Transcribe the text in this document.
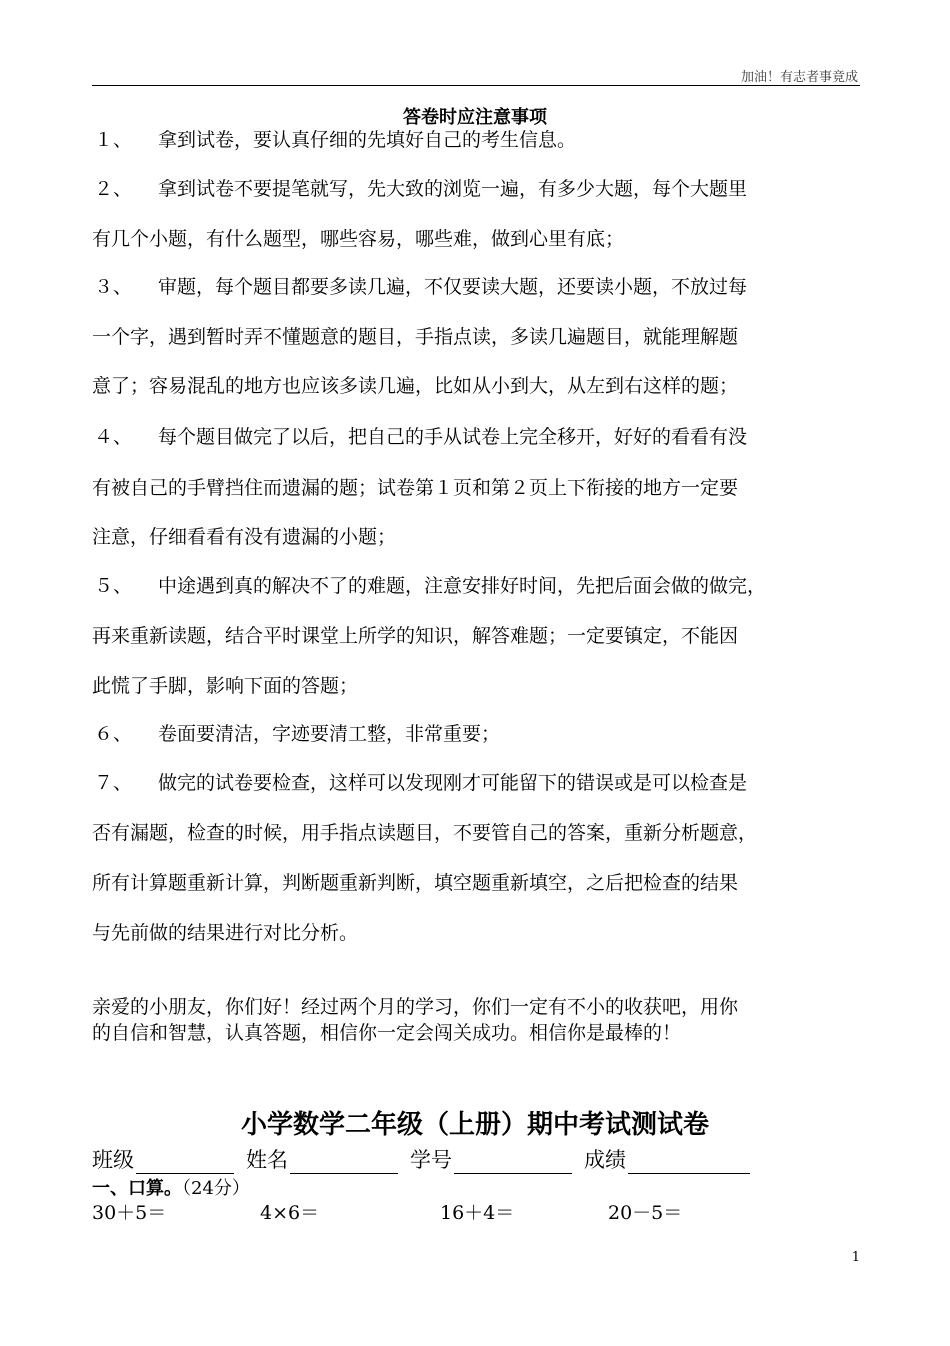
加油！有志者事竟成
答卷时应注意事项
１、 拿到试卷，要认真仔细的先填好自己的考生信息。
２、 拿到试卷不要提笔就写，先大致的浏览一遍，有多少大题，每个大题里
有几个小题，有什么题型，哪些容易，哪些难，做到心里有底；
３、 审题，每个题目都要多读几遍，不仅要读大题，还要读小题，不放过每
一个字，遇到暂时弄不懂题意的题目，手指点读，多读几遍题目，就能理解题
意了；容易混乱的地方也应该多读几遍，比如从小到大，从左到右这样的题；
４、 每个题目做完了以后，把自己的手从试卷上完全移开，好好的看看有没
有被自己的手臂挡住而遗漏的题；试卷第１页和第２页上下衔接的地方一定要
注意，仔细看看有没有遗漏的小题；
５、 中途遇到真的解决不了的难题，注意安排好时间，先把后面会做的做完，
再来重新读题，结合平时课堂上所学的知识，解答难题；一定要镇定，不能因
此慌了手脚，影响下面的答题；
６、 卷面要清洁，字迹要清工整，非常重要；
７、 做完的试卷要检查，这样可以发现刚才可能留下的错误或是可以检查是
否有漏题，检查的时候，用手指点读题目，不要管自己的答案，重新分析题意，
所有计算题重新计算，判断题重新判断，填空题重新填空，之后把检查的结果
与先前做的结果进行对比分析。
亲爱的小朋友，你们好！经过两个月的学习，你们一定有不小的收获吧，用你
的自信和智慧，认真答题，相信你一定会闯关成功。相信你是最棒的！
小学数学二年级（上册）期中考试测试卷
班级	姓名	学号	成绩
一、口算。（24分）
30＋5＝	4×6＝	16＋4＝	20－5＝
1
